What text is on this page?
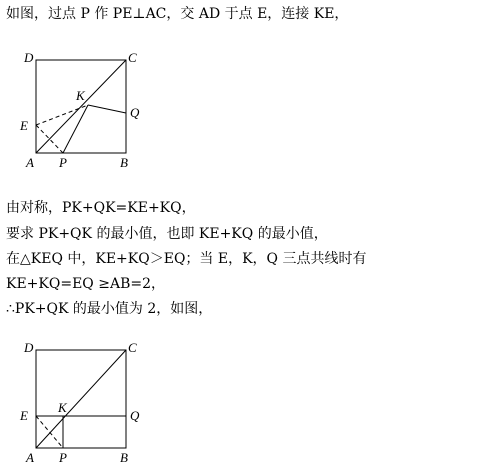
如图，过点 P 作 PE⊥AC，交 AD 于点 E，连接 KE，
D	C
K
Q
E
A P	B
由对称，PK+QK=KE+KQ，
要求 PK+QK 的最小值，也即 KE+KQ 的最小值，
在△KEQ 中，KE+KQ＞EQ；当 E，K，Q 三点共线时有
KE+KQ=EQ ≥AB=2，
∴PK+QK 的最小值为 2，如图，
D	C
K
Q
E
A P	B
